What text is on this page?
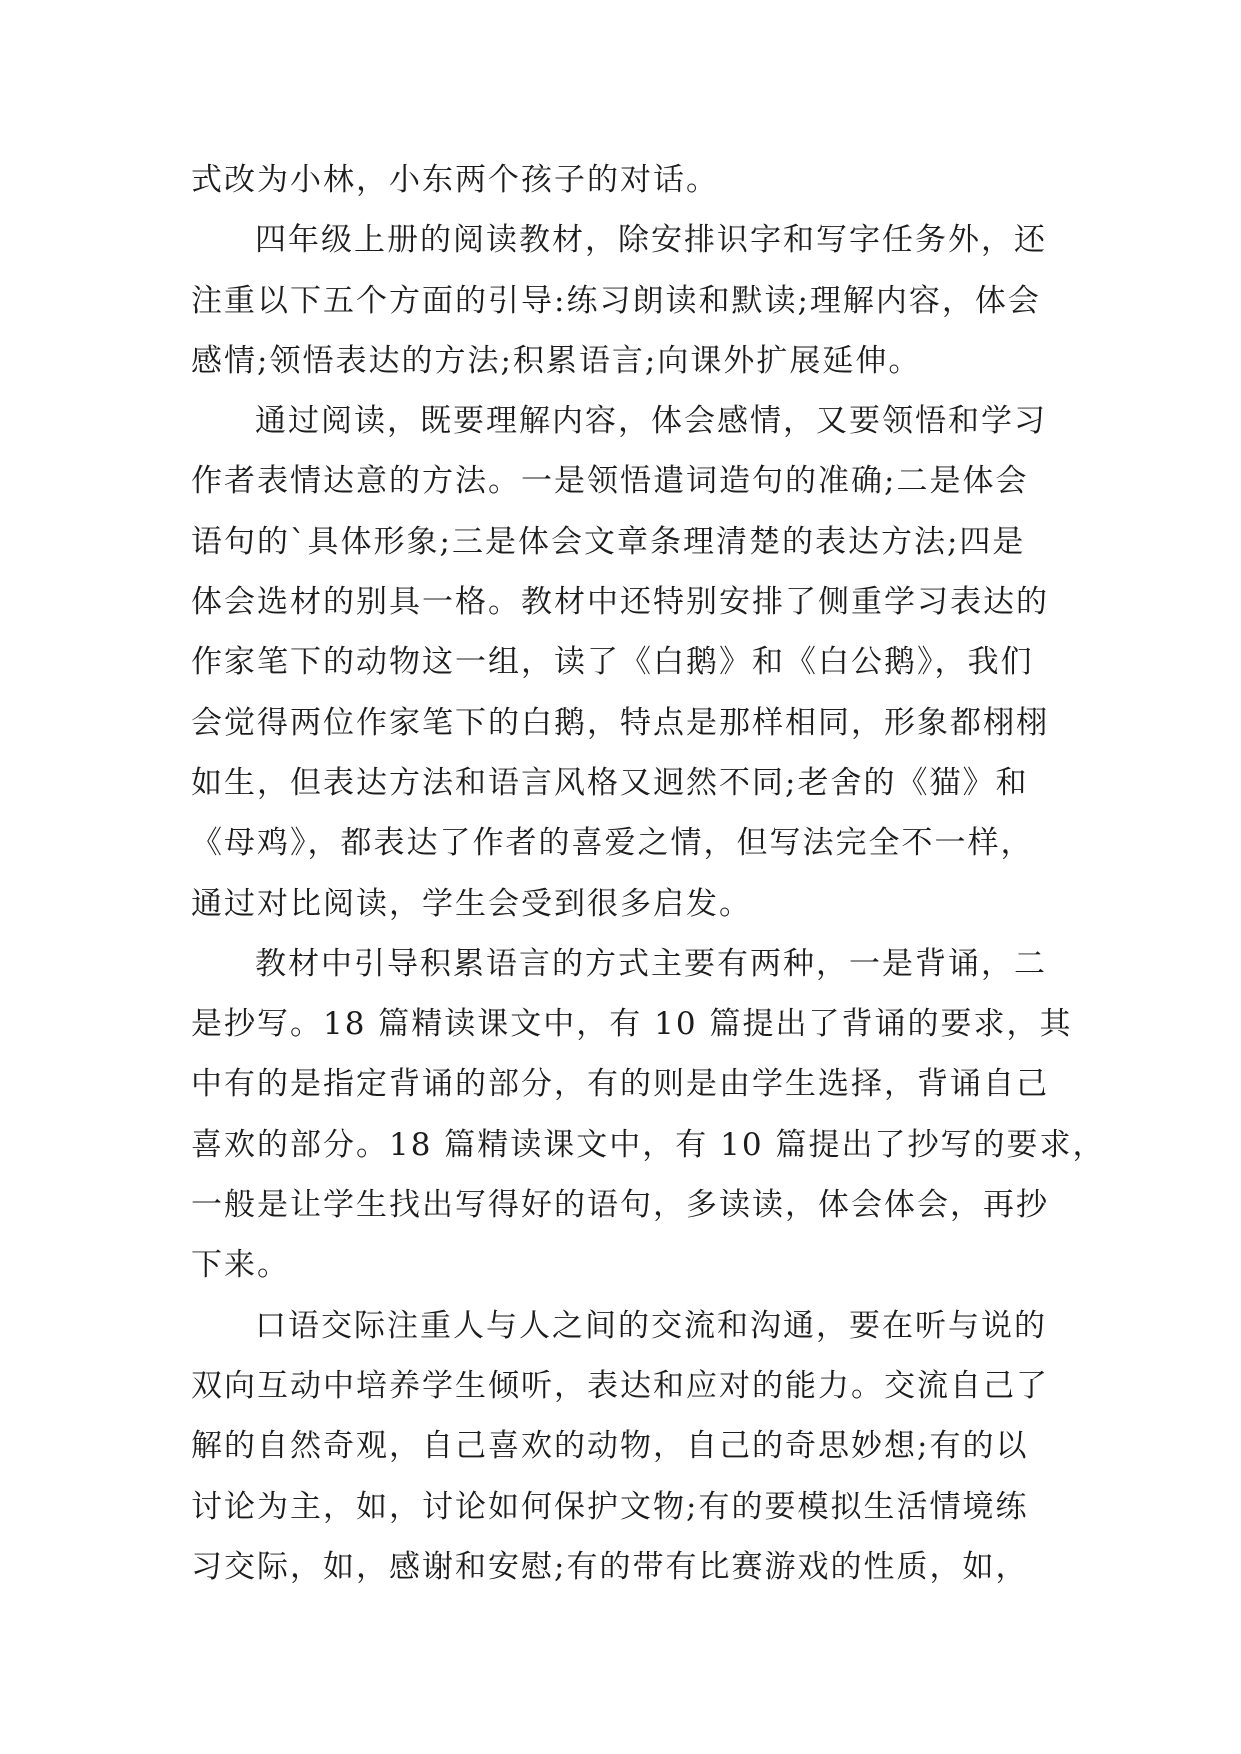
式改为小林，小东两个孩子的对话。
四年级上册的阅读教材，除安排识字和写字任务外，还
注重以下五个方面的引导:练习朗读和默读;理解内容，体会
感情;领悟表达的方法;积累语言;向课外扩展延伸。
通过阅读，既要理解内容，体会感情，又要领悟和学习
作者表情达意的方法。一是领悟遣词造句的准确;二是体会
语句的`具体形象;三是体会文章条理清楚的表达方法;四是
体会选材的别具一格。教材中还特别安排了侧重学习表达的
作家笔下的动物这一组，读了《白鹅》和《白公鹅》，我们
会觉得两位作家笔下的白鹅，特点是那样相同，形象都栩栩
如生，但表达方法和语言风格又迥然不同;老舍的《猫》和
《母鸡》，都表达了作者的喜爱之情，但写法完全不一样，
通过对比阅读，学生会受到很多启发。
教材中引导积累语言的方式主要有两种，一是背诵，二
是抄写。18 篇精读课文中，有 10 篇提出了背诵的要求，其
中有的是指定背诵的部分，有的则是由学生选择，背诵自己
喜欢的部分。18 篇精读课文中，有 10 篇提出了抄写的要求，
一般是让学生找出写得好的语句，多读读，体会体会，再抄
下来。
口语交际注重人与人之间的交流和沟通，要在听与说的
双向互动中培养学生倾听，表达和应对的能力。交流自己了
解的自然奇观，自己喜欢的动物，自己的奇思妙想;有的以
讨论为主，如，讨论如何保护文物;有的要模拟生活情境练
习交际，如，感谢和安慰;有的带有比赛游戏的性质，如，
